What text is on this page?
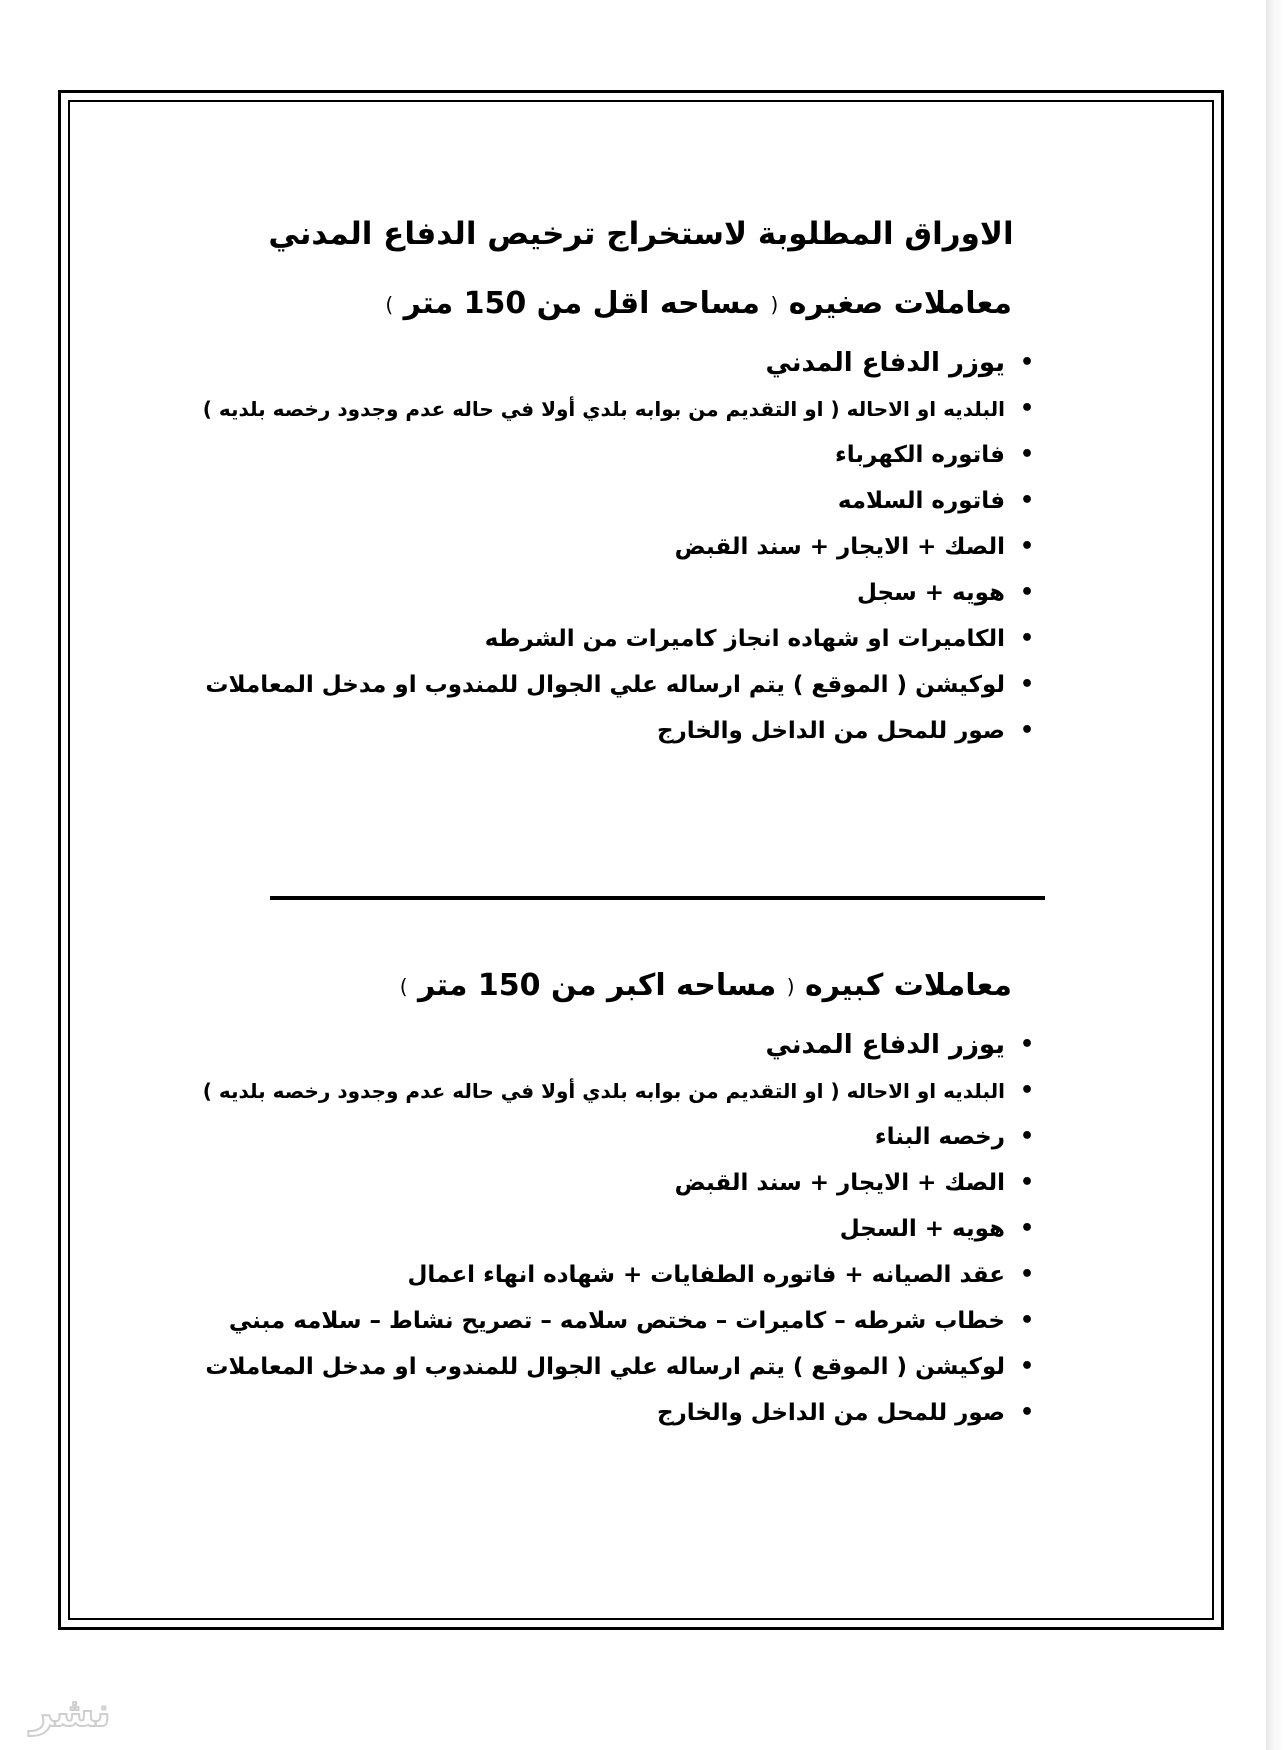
الاوراق المطلوبة لاستخراج ترخيص الدفاع المدني
معاملات صغيره ( مساحه اقل من 150 متر )
•
يوزر الدفاع المدني
•
البلديه او الاحاله ( او التقديم من بوابه بلدي أولا في حاله عدم وجدود رخصه بلديه )
•
فاتوره الكهرباء
•
فاتوره السلامه
•
الصك + الايجار + سند القبض
•
هويه + سجل
•
الكاميرات او شهاده انجاز كاميرات من الشرطه
•
لوكيشن ( الموقع ) يتم ارساله علي الجوال للمندوب او مدخل المعاملات
•
صور للمحل من الداخل والخارج
معاملات كبيره ( مساحه اكبر من 150 متر )
•
يوزر الدفاع المدني
•
البلديه او الاحاله ( او التقديم من بوابه بلدي أولا في حاله عدم وجدود رخصه بلديه )
•
رخصه البناء
•
الصك + الايجار + سند القبض
•
هويه + السجل
•
عقد الصيانه + فاتوره الطفايات + شهاده انهاء اعمال
•
خطاب شرطه – كاميرات – مختص سلامه – تصريح نشاط – سلامه مبني
•
لوكيشن ( الموقع ) يتم ارساله علي الجوال للمندوب او مدخل المعاملات
•
صور للمحل من الداخل والخارج
نشر
